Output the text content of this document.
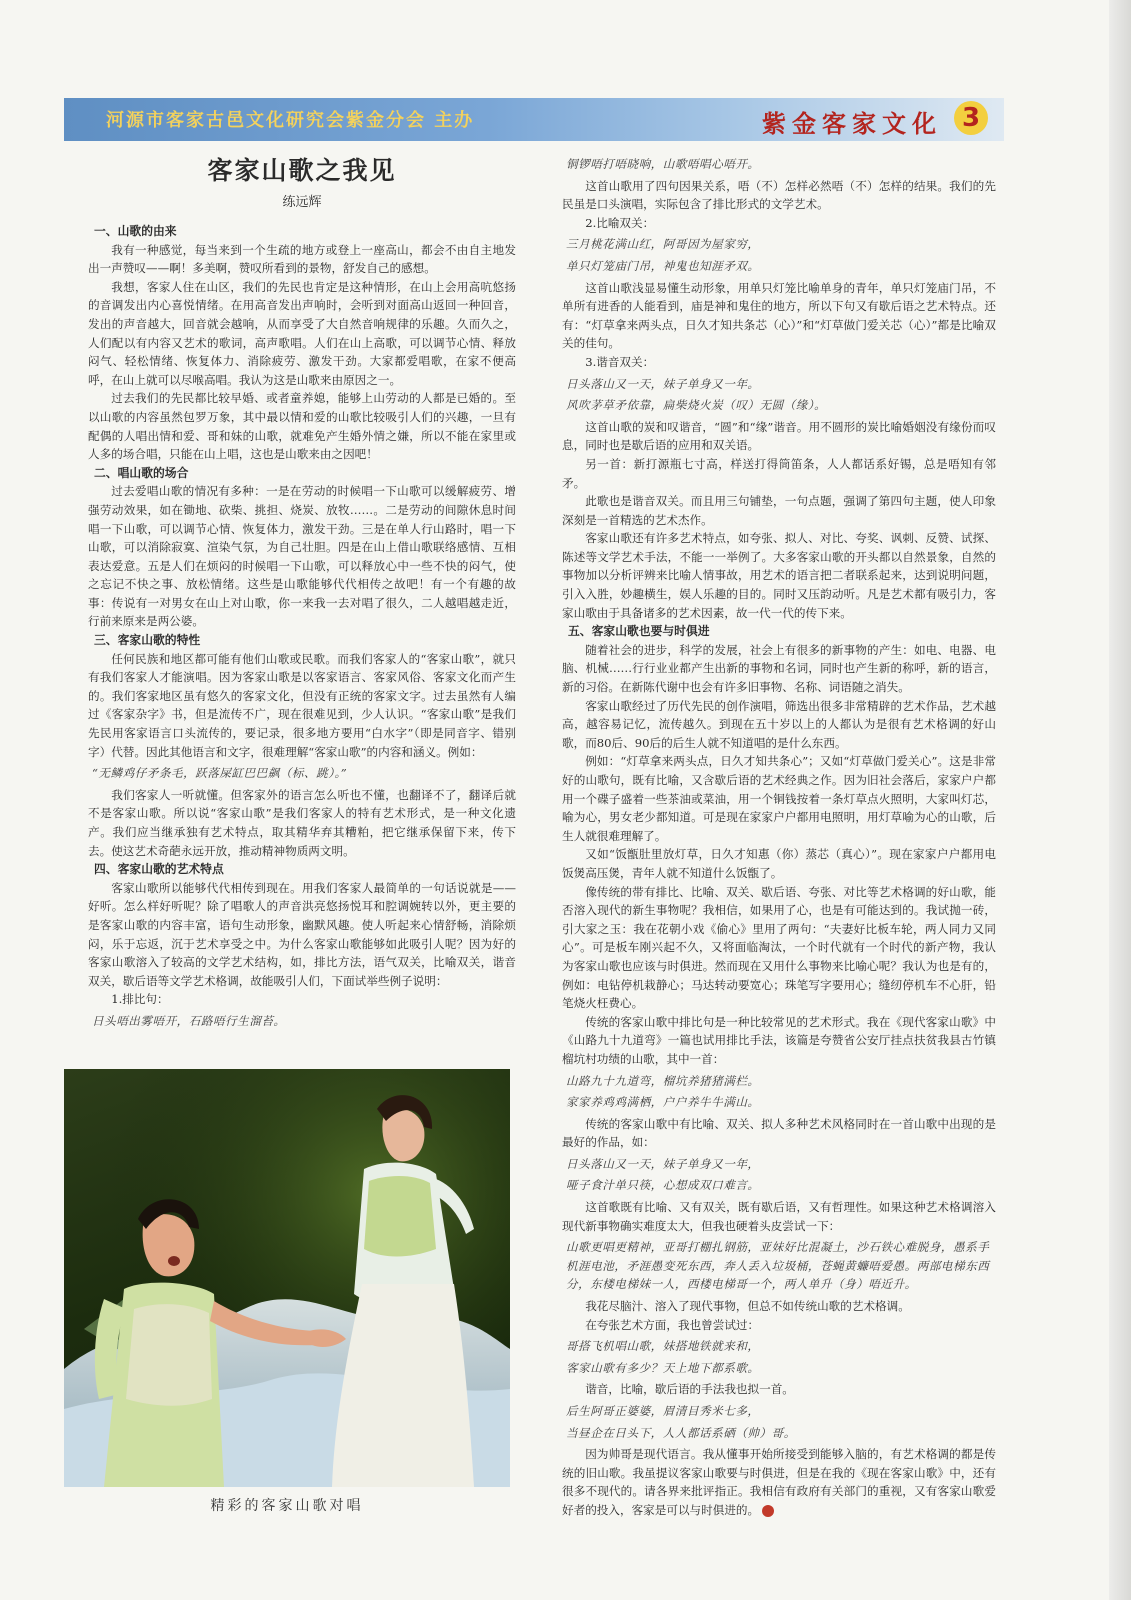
河源市客家古邑文化研究会紫金分会 主办	紫金客家文化 3
客家山歌之我见
练远辉
一、山歌的由来
我有一种感觉，每当来到一个生疏的地方或登上一座高山，都会不由自主地发出一声赞叹——啊！多美啊，赞叹所看到的景物，舒发自己的感想。
我想，客家人住在山区，我们的先民也肯定是这种情形，在山上会用高吭悠扬的音调发出内心喜悦情绪。在用高音发出声响时，会听到对面高山返回一种回音，发出的声音越大，回音就会越响，从而享受了大自然音响规律的乐趣。久而久之，人们配以有内容又艺术的歌词，高声歌唱。人们在山上高歌，可以调节心情、释放闷气、轻松情绪、恢复体力、消除疲劳、激发干劲。大家都爱唱歌，在家不便高呼，在山上就可以尽喉高唱。我认为这是山歌来由原因之一。
过去我们的先民都比较早婚、或者童养媳，能够上山劳动的人都是已婚的。至以山歌的内容虽然包罗万象，其中最以情和爱的山歌比较吸引人们的兴趣，一旦有配偶的人唱出情和爱、哥和妹的山歌，就难免产生婚外情之嫌，所以不能在家里或人多的场合唱，只能在山上唱，这也是山歌来由之因吧！
二、唱山歌的场合
过去爱唱山歌的情况有多种：一是在劳动的时候唱一下山歌可以缓解疲劳、增强劳动效果，如在锄地、砍柴、挑担、烧炭、放牧……。二是劳动的间隙休息时间唱一下山歌，可以调节心情、恢复体力，激发干劲。三是在单人行山路时，唱一下山歌，可以消除寂寞、渲染气氛，为自己壮胆。四是在山上借山歌联络感情、互相表达爱意。五是人们在烦闷的时候唱一下山歌，可以释放心中一些不快的闷气，使之忘记不快之事、放松情绪。这些是山歌能够代代相传之故吧！有一个有趣的故事：传说有一对男女在山上对山歌，你一来我一去对唱了很久，二人越唱越走近，行前来原来是两公婆。
三、客家山歌的特性
任何民族和地区都可能有他们山歌或民歌。而我们客家人的“客家山歌”，就只有我们客家人才能演唱。因为客家山歌是以客家语言、客家风俗、客家文化而产生的。我们客家地区虽有悠久的客家文化，但没有正统的客家文字。过去虽然有人编过《客家杂字》书，但是流传不广，现在很难见到，少人认识。“客家山歌”是我们先民用客家语言口头流传的，要记录，很多地方要用“白水字”（即是同音字、错别字）代替。因此其他语言和文字，很难理解“客家山歌”的内容和涵义。例如：
“无鳞鸡仔矛条毛，跃落屎缸巴巴飙（标、跳）。”
我们客家人一听就懂。但客家外的语言怎么听也不懂，也翻译不了，翻译后就不是客家山歌。所以说“客家山歌”是我们客家人的特有艺术形式，是一种文化遗产。我们应当继承独有艺术特点，取其精华弃其糟粕，把它继承保留下来，传下去。使这艺术奇葩永远开放，推动精神物质两文明。
四、客家山歌的艺术特点
客家山歌所以能够代代相传到现在。用我们客家人最简单的一句话说就是——好听。怎么样好听呢？除了唱歌人的声音洪亮悠扬悦耳和腔调婉转以外，更主要的是客家山歌的内容丰富，语句生动形象，幽默风趣。使人听起来心情舒畅，消除烦闷，乐于忘返，沉于艺术享受之中。为什么客家山歌能够如此吸引人呢？因为好的客家山歌溶入了较高的文学艺术结构，如，排比方法，语气双关，比喻双关，谐音双关，歇后语等文学艺术格调，故能吸引人们，下面试举些例子说明：
1.排比句：
日头唔出雾唔开，石路唔行生溜苔。
精彩的客家山歌对唱
铜锣唔打唔晓响，山歌唔唱心唔开。
这首山歌用了四句因果关系，唔（不）怎样必然唔（不）怎样的结果。我们的先民虽是口头演唱，实际包含了排比形式的文学艺术。
2.比喻双关：
三月桃花满山红，阿哥因为屋家穷，
单只灯笼庙门吊，神鬼也知涯矛双。
这首山歌浅显易懂生动形象，用单只灯笼比喻单身的青年，单只灯笼庙门吊，不单所有进香的人能看到，庙是神和鬼住的地方，所以下句又有歇后语之艺术特点。还有：“灯草拿来两头点，日久才知共条芯（心）”和“灯草做门爱关芯（心）”都是比喻双关的佳句。
3.谐音双关：
日头落山又一天，妹子单身又一年。
风吹茅草矛依靠，扁柴烧火炭（叹）无圆（缘）。
这首山歌的炭和叹谐音，“圆”和“缘”谐音。用不圆形的炭比喻婚姻没有缘份而叹息，同时也是歇后语的应用和双关语。
另一首：新打源瓶七寸高，样送打得筒笛条，人人都话系好锡，总是唔知有邻矛。
此歌也是谐音双关。而且用三句铺垫，一句点题，强调了第四句主题，使人印象深刻是一首精选的艺术杰作。
客家山歌还有许多艺术特点，如夸张、拟人、对比、夸奖、讽刺、反赞、试探、陈述等文学艺术手法，不能一一举例了。大多客家山歌的开头都以自然景象，自然的事物加以分析评辨来比喻人情事故，用艺术的语言把二者联系起来，达到说明问题，引入入胜，妙趣横生，娱人乐趣的目的。同时又压韵动听。凡是艺术都有吸引力，客家山歌由于具备诸多的艺术因素，故一代一代的传下来。
五、客家山歌也要与时俱进
随着社会的进步，科学的发展，社会上有很多的新事物的产生：如电、电器、电脑、机械……行行业业都产生出新的事物和名词，同时也产生新的称呼，新的语言，新的习俗。在新陈代谢中也会有许多旧事物、名称、词语随之消失。
客家山歌经过了历代先民的创作演唱，筛选出很多非常精辟的艺术作品，艺术越高，越容易记忆，流传越久。到现在五十岁以上的人都认为是很有艺术格调的好山歌，而80后、90后的后生人就不知道唱的是什么东西。
例如：“灯草拿来两头点，日久才知共条心”；又如“灯草做门爱关心”。这是非常好的山歌句，既有比喻，又含歇后语的艺术经典之作。因为旧社会落后，家家户户都用一个碟子盛着一些茶油或菜油，用一个铜钱按着一条灯草点火照明，大家叫灯芯，喻为心，男女老少都知道。可是现在家家户户都用电照明，用灯草喻为心的山歌，后生人就很难理解了。
又如“饭甑肚里放灯草，日久才知惠（你）蒸芯（真心）”。现在家家户户都用电饭煲高压煲，青年人就不知道什么饭甑了。
像传统的带有排比、比喻、双关、歇后语、夸张、对比等艺术格调的好山歌，能否溶入现代的新生事物呢？我相信，如果用了心，也是有可能达到的。我试抛一砖，引大家之玉：我在花朝小戏《偷心》里用了两句：“夫妻好比板车轮，两人同力又同心”。可是板车刚兴起不久，又将面临淘汰，一个时代就有一个时代的新产物，我认为客家山歌也应该与时俱进。然而现在又用什么事物来比喻心呢？我认为也是有的，例如：电钻停机栽静心；马达转动要宽心；珠笔写字要用心；缝纫停机车不心肝，铅笔烧火枉费心。
传统的客家山歌中排比句是一种比较常见的艺术形式。我在《现代客家山歌》中《山路九十九道弯》一篇也试用排比手法，该篇是夸赞省公安厅挂点扶贫我县古竹镇榴坑村功绩的山歌，其中一首：
山路九十九道弯，榴坑养猪猪满栏。
家家养鸡鸡满栖，户户养牛牛满山。
传统的客家山歌中有比喻、双关、拟人多种艺术风格同时在一首山歌中出现的是最好的作品，如：
日头落山又一天，妹子单身又一年，
哑子食汁单只筷，心想成双口难言。
这首歌既有比喻、又有双关，既有歇后语，又有哲理性。如果这种艺术格调溶入现代新事物确实难度太大，但我也硬着头皮尝试一下：
山歌更唱更精神，亚哥打棚扎钢筋，亚妹好比混凝土，沙石铁心难脱身，愚系手机涯电池，矛涯愚变死东西，奔人丢入垃圾桶，苍蝇黄蠊唔爱愚。两部电梯东西分，东楼电梯妹一人，西楼电梯哥一个，两人单升（身）唔近升。
我花尽脑汁、溶入了现代事物，但总不如传统山歌的艺术格调。
在夸张艺术方面，我也曾尝试过：
哥搭飞机唱山歌，妹搭地铁就来和，
客家山歌有多少？天上地下都系歌。
谐音，比喻，歇后语的手法我也拟一首。
后生阿哥正婆婆，眉清目秀米七多，
当昼企在日头下，人人都话系硒（帅）哥。
因为帅哥是现代语言。我从懂事开始所接受到能够入脑的，有艺术格调的都是传统的旧山歌。我虽提议客家山歌要与时俱进，但是在我的《现在客家山歌》中，还有很多不现代的。请各界来批评指正。我相信有政府有关部门的重视，又有客家山歌爱好者的投入，客家是可以与时俱进的。
